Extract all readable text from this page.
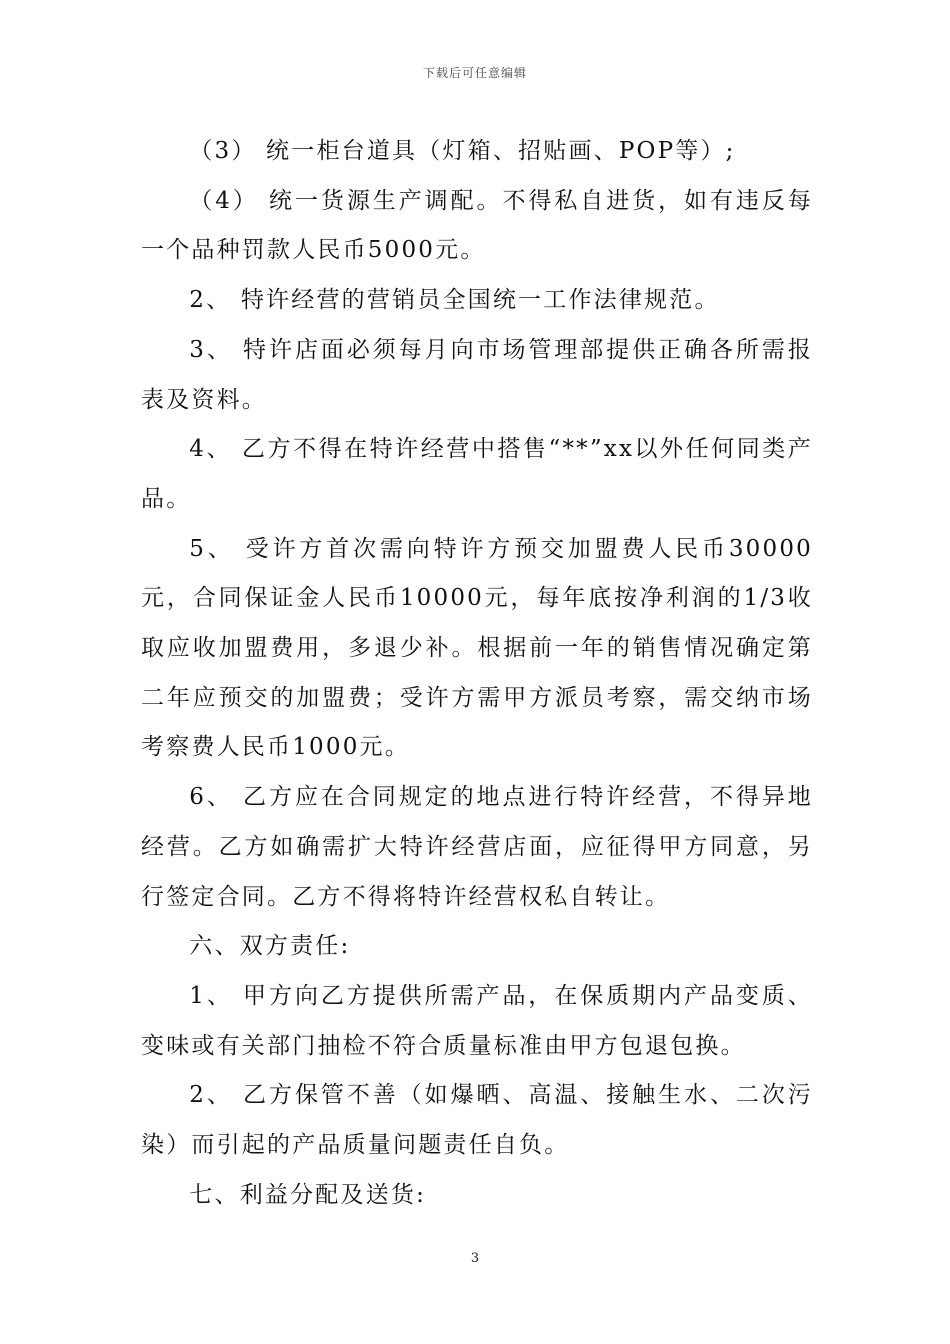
下载后可任意编辑

（3） 统一柜台道具（灯箱、招贴画、POP等）;

（4） 统一货源生产调配。不得私自进货，如有违反每一个品种罚款人民币5000元。

2、 特许经营的营销员全国统一工作法律规范。

3、 特许店面必须每月向市场管理部提供正确各所需报表及资料。

4、 乙方不得在特许经营中搭售“**”xx以外任何同类产品。

5、 受许方首次需向特许方预交加盟费人民币30000元，合同保证金人民币10000元，每年底按净利润的1/3收取应收加盟费用，多退少补。根据前一年的销售情况确定第二年应预交的加盟费；受许方需甲方派员考察，需交纳市场考察费人民币1000元。

6、 乙方应在合同规定的地点进行特许经营，不得异地经营。乙方如确需扩大特许经营店面，应征得甲方同意，另行签定合同。乙方不得将特许经营权私自转让。

六、双方责任:

1、 甲方向乙方提供所需产品，在保质期内产品变质、变味或有关部门抽检不符合质量标准由甲方包退包换。

2、 乙方保管不善（如爆晒、高温、接触生水、二次污染）而引起的产品质量问题责任自负。

七、利益分配及送货:

3
